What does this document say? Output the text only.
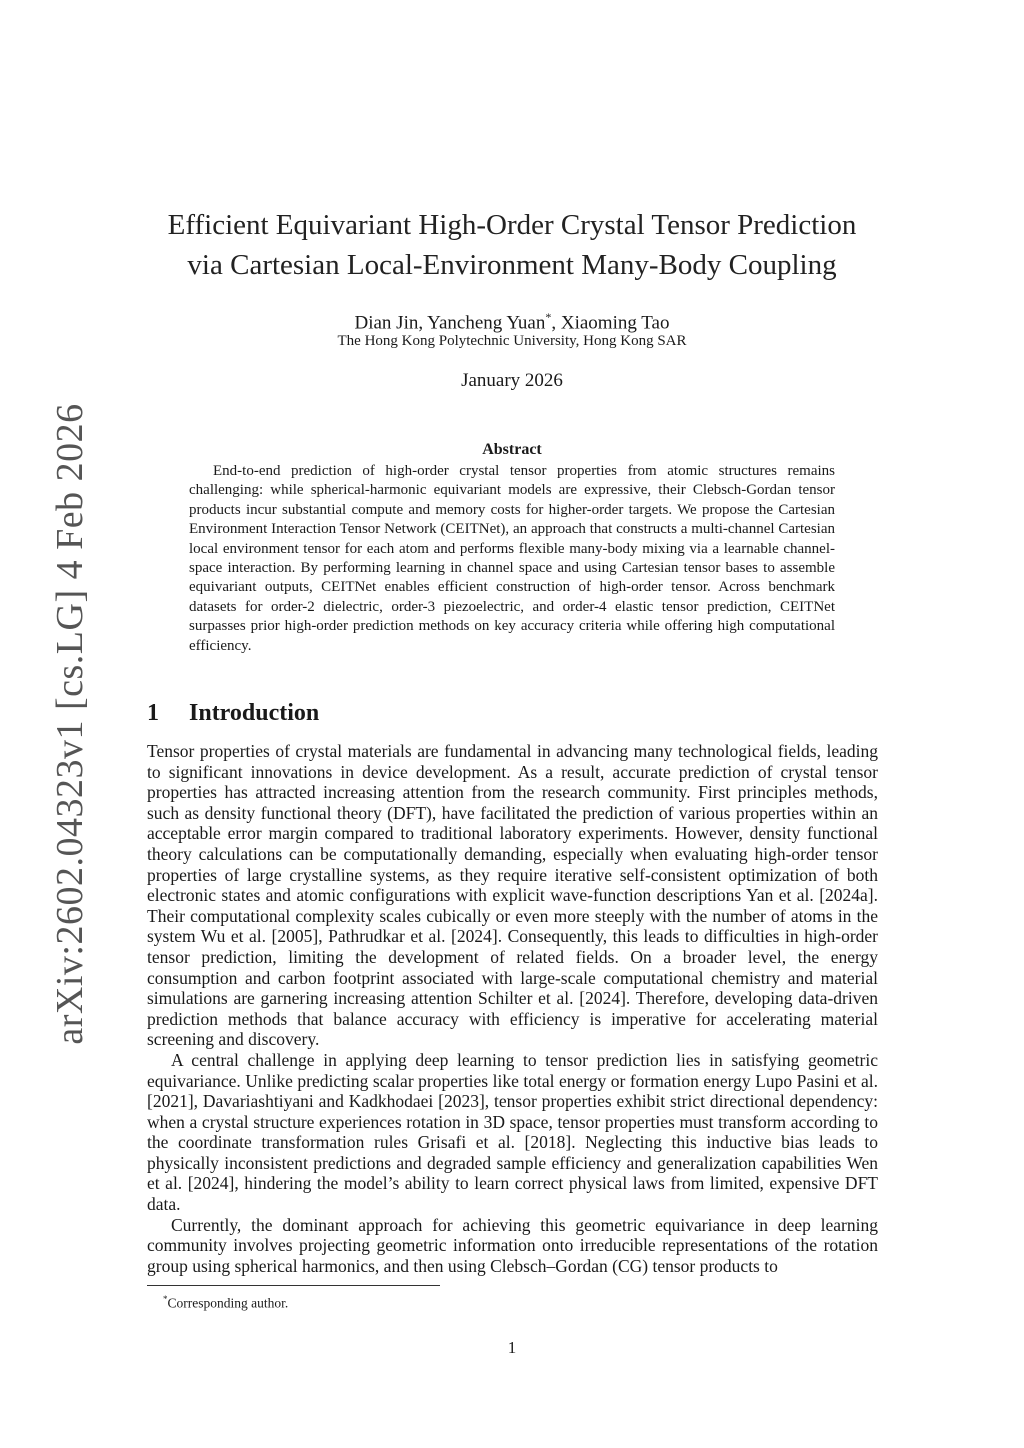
arXiv:2602.04323v1 [cs.LG] 4 Feb 2026
Efficient Equivariant High-Order Crystal Tensor Prediction
via Cartesian Local-Environment Many-Body Coupling
Dian Jin, Yancheng Yuan*, Xiaoming Tao
The Hong Kong Polytechnic University, Hong Kong SAR
January 2026
Abstract
End-to-end prediction of high-order crystal tensor properties from atomic structures remains challenging: while spherical-harmonic equivariant models are expressive, their Clebsch-Gordan tensor products incur substantial compute and memory costs for higher-order targets. We propose the Cartesian Environment Interaction Tensor Network (CEITNet), an approach that constructs a multi-channel Cartesian local environment tensor for each atom and performs flexible many-body mixing via a learnable channel-space interaction. By performing learning in channel space and using Cartesian tensor bases to assemble equivariant outputs, CEITNet enables efficient construction of high-order tensor. Across benchmark datasets for order-2 dielectric, order-3 piezoelectric, and order-4 elastic tensor prediction, CEITNet surpasses prior high-order prediction methods on key accuracy criteria while offering high computational efficiency.
1 Introduction

Tensor properties of crystal materials are fundamental in advancing many technological fields, leading to significant innovations in device development. As a result, accurate prediction of crystal tensor properties has attracted increasing attention from the research community. First principles methods, such as density functional theory (DFT), have facilitated the prediction of various properties within an acceptable error margin compared to traditional laboratory experiments. However, density functional theory calculations can be computationally demanding, especially when evaluating high-order tensor properties of large crystalline systems, as they require iterative self-consistent optimization of both electronic states and atomic configurations with explicit wave-function descriptions Yan et al. [2024a]. Their computational complexity scales cubically or even more steeply with the number of atoms in the system Wu et al. [2005], Pathrudkar et al. [2024]. Consequently, this leads to difficulties in high-order tensor prediction, limiting the development of related fields. On a broader level, the energy consumption and carbon footprint associated with large-scale computational chemistry and material simulations are garnering increasing attention Schilter et al. [2024]. Therefore, developing data-driven prediction methods that balance accuracy with efficiency is imperative for accelerating material screening and discovery.

A central challenge in applying deep learning to tensor prediction lies in satisfying geometric equivariance. Unlike predicting scalar properties like total energy or formation energy Lupo Pasini et al. [2021], Davariashtiyani and Kadkhodaei [2023], tensor properties exhibit strict directional dependency: when a crystal structure experiences rotation in 3D space, tensor properties must transform according to the coordinate transformation rules Grisafi et al. [2018]. Neglecting this inductive bias leads to physically inconsistent predictions and degraded sample efficiency and generalization capabilities Wen et al. [2024], hindering the model’s ability to learn correct physical laws from limited, expensive DFT data.

Currently, the dominant approach for achieving this geometric equivariance in deep learning community involves projecting geometric information onto irreducible representations of the rotation group using spherical harmonics, and then using Clebsch–Gordan (CG) tensor products to

*Corresponding author.
1
